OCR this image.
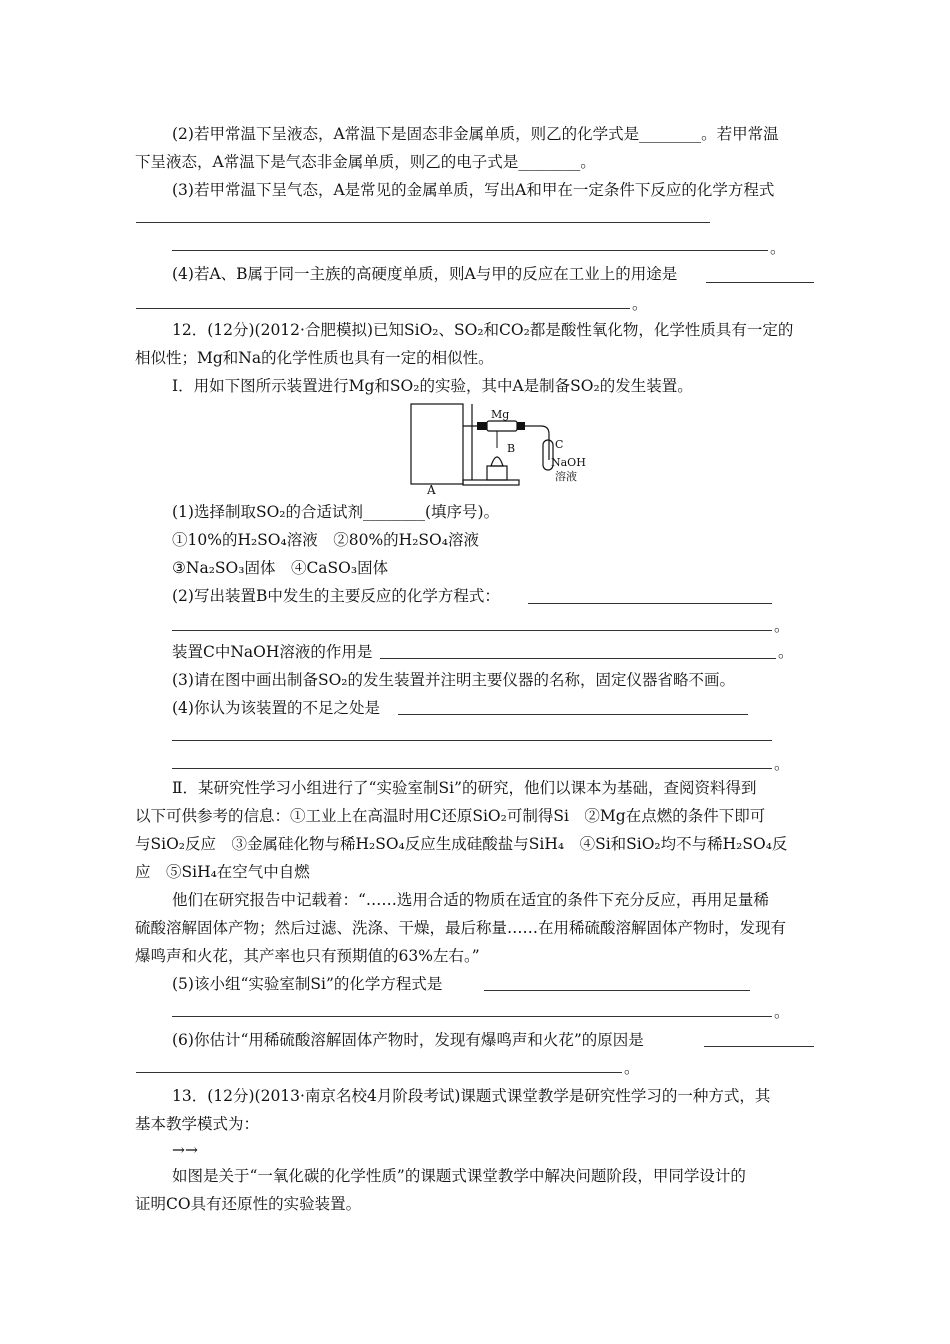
(2)若甲常温下呈液态，A常温下是固态非金属单质，则乙的化学式是________。若甲常温
下呈液态，A常温下是气态非金属单质，则乙的电子式是________。
(3)若甲常温下呈气态，A是常见的金属单质，写出A和甲在一定条件下反应的化学方程式
。
(4)若A、B属于同一主族的高硬度单质，则A与甲的反应在工业上的用途是
。
12．(12分)(2012·合肥模拟)已知SiO₂、SO₂和CO₂都是酸性氧化物，化学性质具有一定的
相似性；Mg和Na的化学性质也具有一定的相似性。
Ⅰ．用如下图所示装置进行Mg和SO₂的实验，其中A是制备SO₂的发生装置。
A
Mg
B	C
NaOH
溶液
(1)选择制取SO₂的合适试剂________(填序号)。
①10%的H₂SO₄溶液　②80%的H₂SO₄溶液
③Na₂SO₃固体　④CaSO₃固体
(2)写出装置B中发生的主要反应的化学方程式：
。
装置C中NaOH溶液的作用是	。
(3)请在图中画出制备SO₂的发生装置并注明主要仪器的名称，固定仪器省略不画。
(4)你认为该装置的不足之处是
。
Ⅱ．某研究性学习小组进行了“实验室制Si”的研究，他们以课本为基础，查阅资料得到
以下可供参考的信息：①工业上在高温时用C还原SiO₂可制得Si　②Mg在点燃的条件下即可
与SiO₂反应　③金属硅化物与稀H₂SO₄反应生成硅酸盐与SiH₄　④Si和SiO₂均不与稀H₂SO₄反
应　⑤SiH₄在空气中自燃
他们在研究报告中记载着：“……选用合适的物质在适宜的条件下充分反应，再用足量稀
硫酸溶解固体产物；然后过滤、洗涤、干燥，最后称量……在用稀硫酸溶解固体产物时，发现有
爆鸣声和火花，其产率也只有预期值的63%左右。”
(5)该小组“实验室制Si”的化学方程式是
。
(6)你估计“用稀硫酸溶解固体产物时，发现有爆鸣声和火花”的原因是
。
13．(12分)(2013·南京名校4月阶段考试)课题式课堂教学是研究性学习的一种方式，其
基本教学模式为：
→→
如图是关于“一氧化碳的化学性质”的课题式课堂教学中解决问题阶段，甲同学设计的
证明CO具有还原性的实验装置。
